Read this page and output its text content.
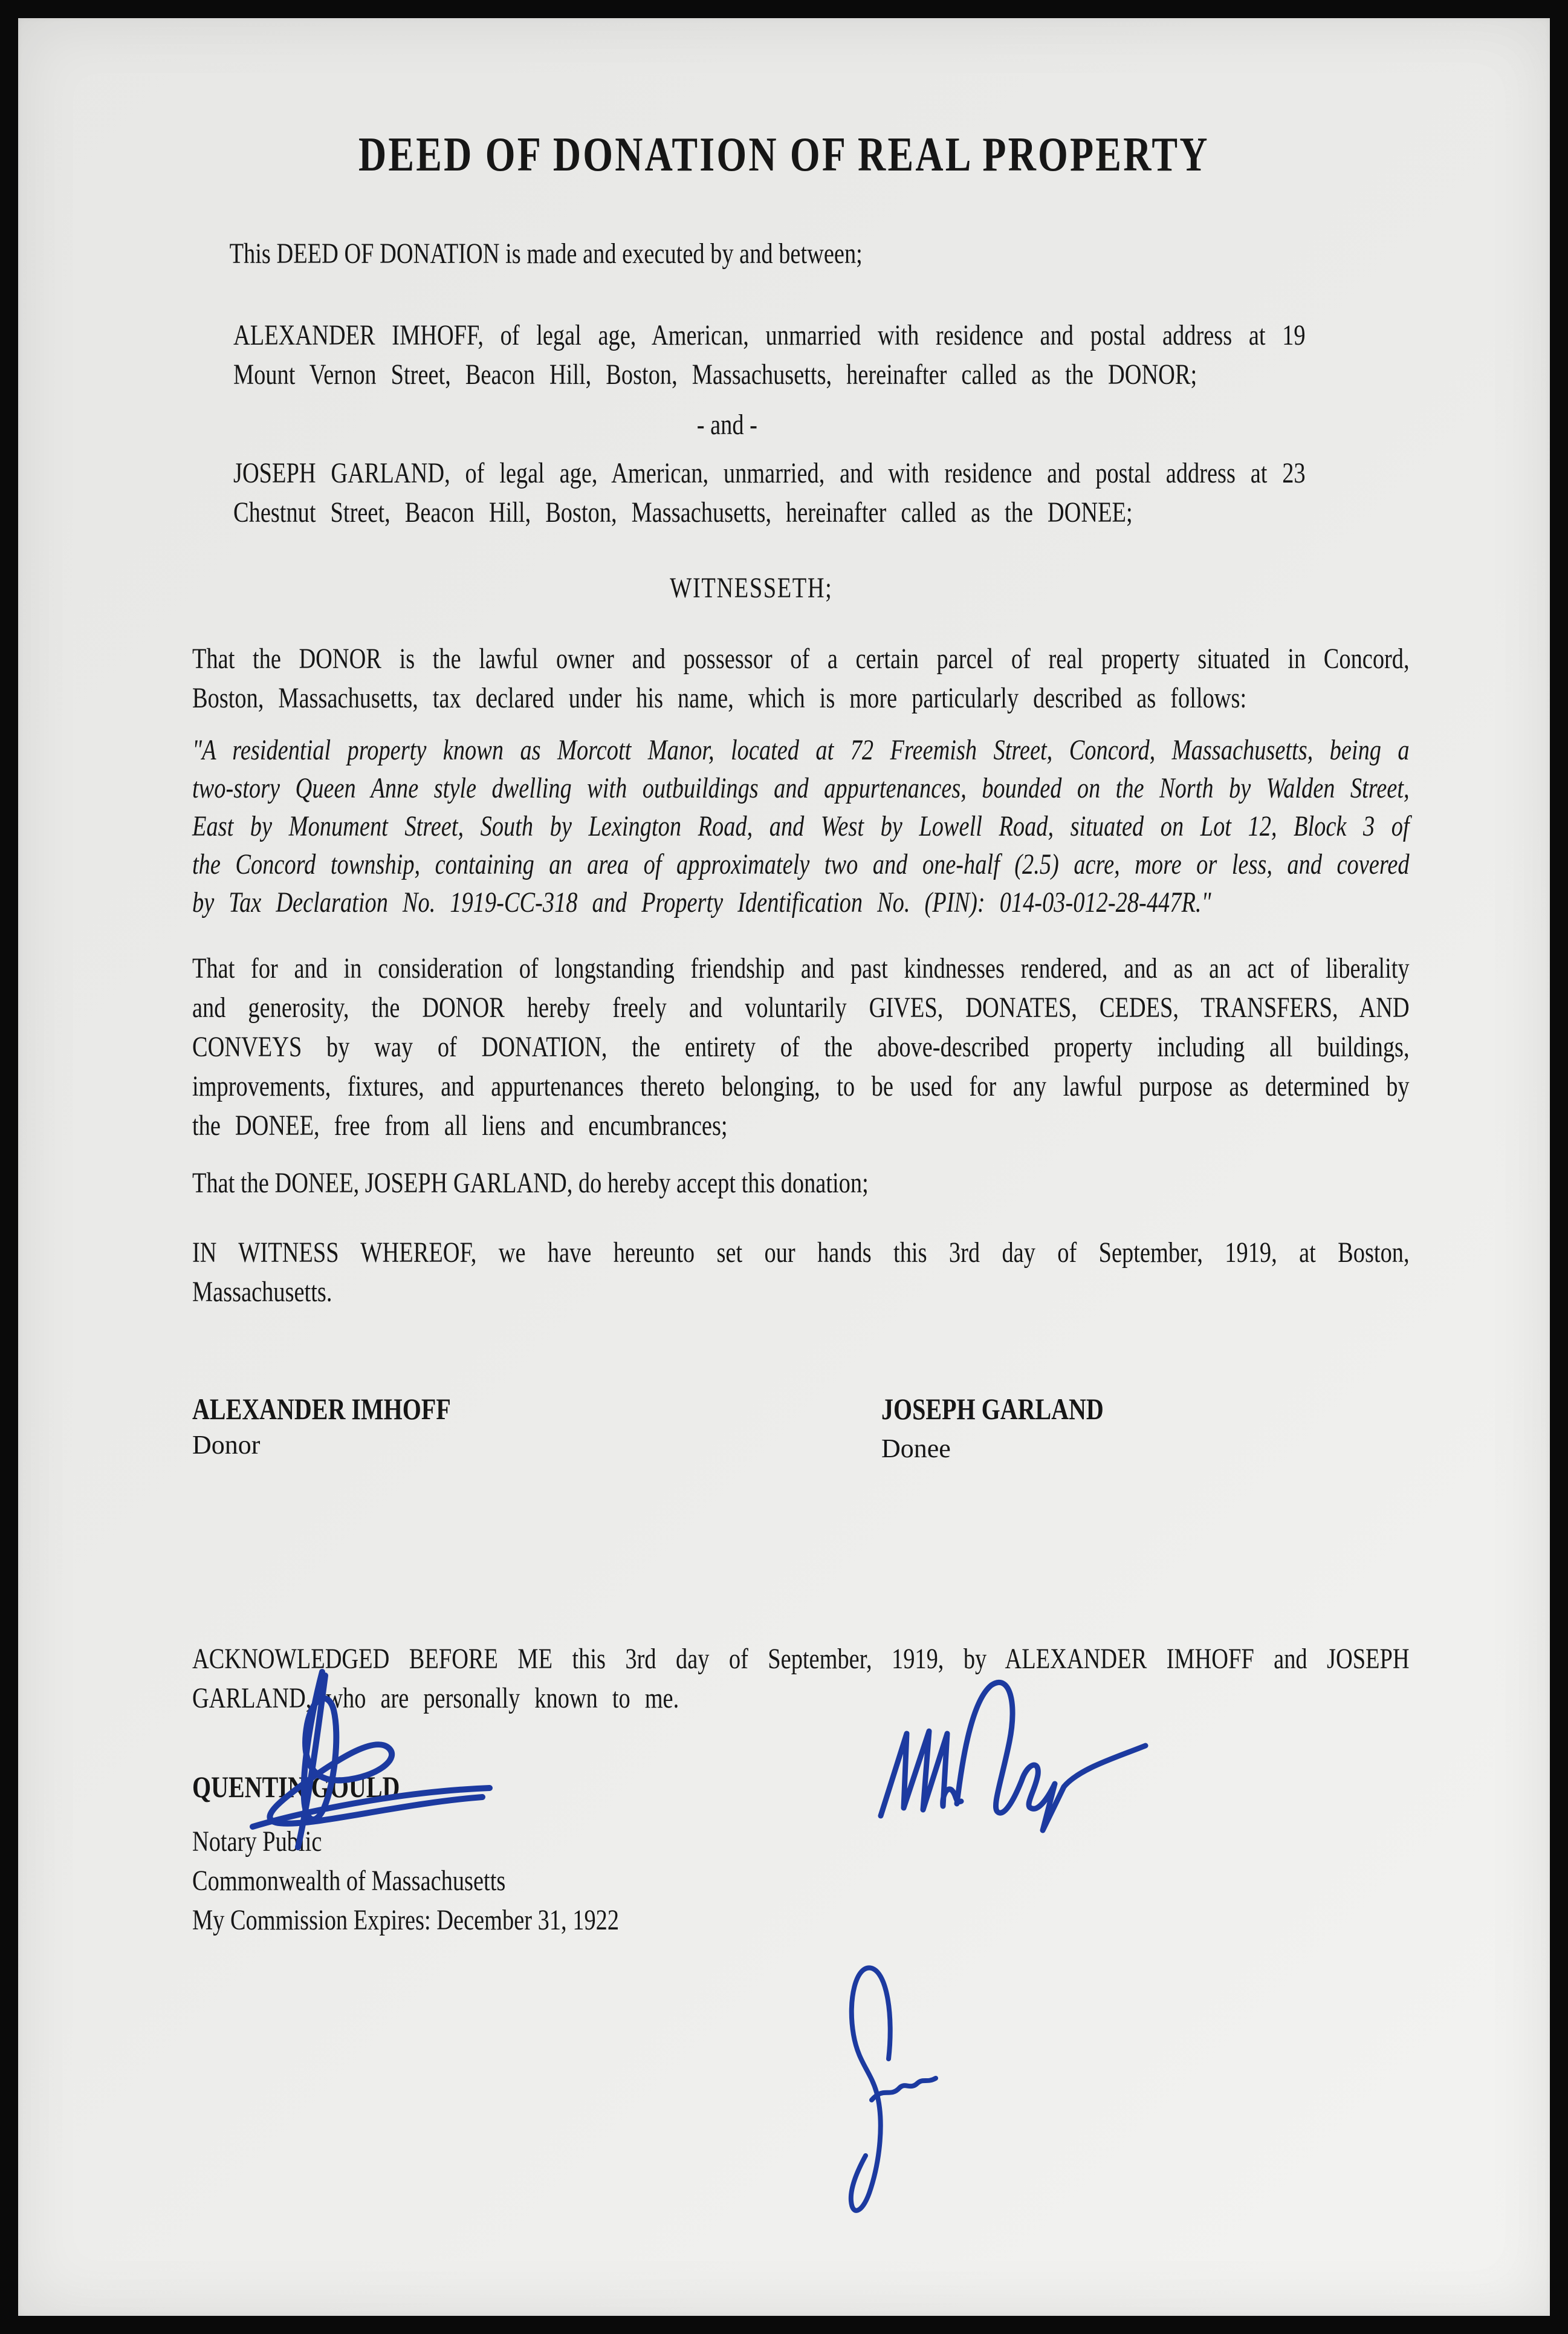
DEED OF DONATION OF REAL PROPERTY

This DEED OF DONATION is made and executed by and between;

ALEXANDER IMHOFF, of legal age, American, unmarried with residence and postal address at 19 Mount Vernon Street, Beacon Hill, Boston, Massachusetts, hereinafter called as the DONOR;

- and -

JOSEPH GARLAND, of legal age, American, unmarried, and with residence and postal address at 23 Chestnut Street, Beacon Hill, Boston, Massachusetts, hereinafter called as the DONEE;

WITNESSETH;

That the DONOR is the lawful owner and possessor of a certain parcel of real property situated in Concord, Boston, Massachusetts, tax declared under his name, which is more particularly described as follows:

"A residential property known as Morcott Manor, located at 72 Freemish Street, Concord, Massachusetts, being a two-story Queen Anne style dwelling with outbuildings and appurtenances, bounded on the North by Walden Street, East by Monument Street, South by Lexington Road, and West by Lowell Road, situated on Lot 12, Block 3 of the Concord township, containing an area of approximately two and one-half (2.5) acre, more or less, and covered by Tax Declaration No. 1919-CC-318 and Property Identification No. (PIN): 014-03-012-28-447R."

That for and in consideration of longstanding friendship and past kindnesses rendered, and as an act of liberality and generosity, the DONOR hereby freely and voluntarily GIVES, DONATES, CEDES, TRANSFERS, AND CONVEYS by way of DONATION, the entirety of the above-described property including all buildings, improvements, fixtures, and appurtenances thereto belonging, to be used for any lawful purpose as determined by the DONEE, free from all liens and encumbrances;

That the DONEE, JOSEPH GARLAND, do hereby accept this donation;

IN WITNESS WHEREOF, we have hereunto set our hands this 3rd day of September, 1919, at Boston, Massachusetts.

ALEXANDER IMHOFF
Donor
JOSEPH GARLAND
Donee

ACKNOWLEDGED BEFORE ME this 3rd day of September, 1919, by ALEXANDER IMHOFF and JOSEPH GARLAND, who are personally known to me.

QUENTIN GOULD

Notary Public

Commonwealth of Massachusetts

My Commission Expires: December 31, 1922
